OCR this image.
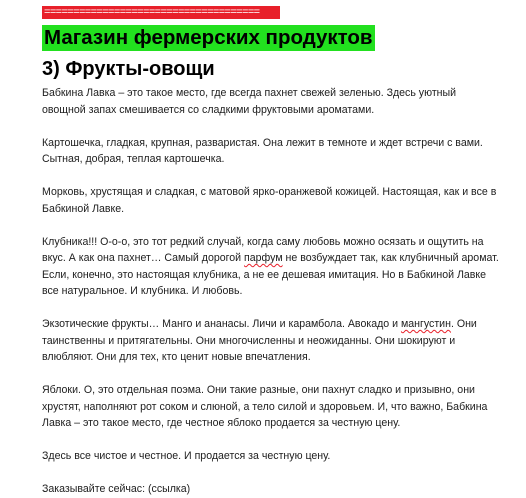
=====================================
Магазин фермерских продуктов
3) Фрукты-овощи

Бабкина Лавка – это такое место, где всегда пахнет свежей зеленью. Здесь уютный овощной запах смешивается со сладкими фруктовыми ароматами.

Картошечка, гладкая, крупная, разваристая. Она лежит в темноте и ждет встречи с вами. Сытная, добрая, теплая картошечка.

Морковь, хрустящая и сладкая, с матовой ярко-оранжевой кожицей. Настоящая, как и все в Бабкиной Лавке.

Клубника!!! О-о-о, это тот редкий случай, когда саму любовь можно осязать и ощутить на вкус. А как она пахнет… Самый дорогой парфум не возбуждает так, как клубничный аромат. Если, конечно, это настоящая клубника, а не ее дешевая имитация. Но в Бабкиной Лавке все натуральное. И клубника. И любовь.

Экзотические фрукты… Манго и ананасы. Личи и карамбола. Авокадо и мангустин. Они таинственны и притягательны. Они многочисленны и неожиданны. Они шокируют и влюбляют. Они для тех, кто ценит новые впечатления.

Яблоки. О, это отдельная поэма. Они такие разные, они пахнут сладко и призывно, они хрустят, наполняют рот соком и слюной, а тело силой и здоровьем. И, что важно, Бабкина Лавка – это такое место, где честное яблоко продается за честную цену.

Здесь все чистое и честное. И продается за честную цену.

Заказывайте сейчас: (ссылка)
